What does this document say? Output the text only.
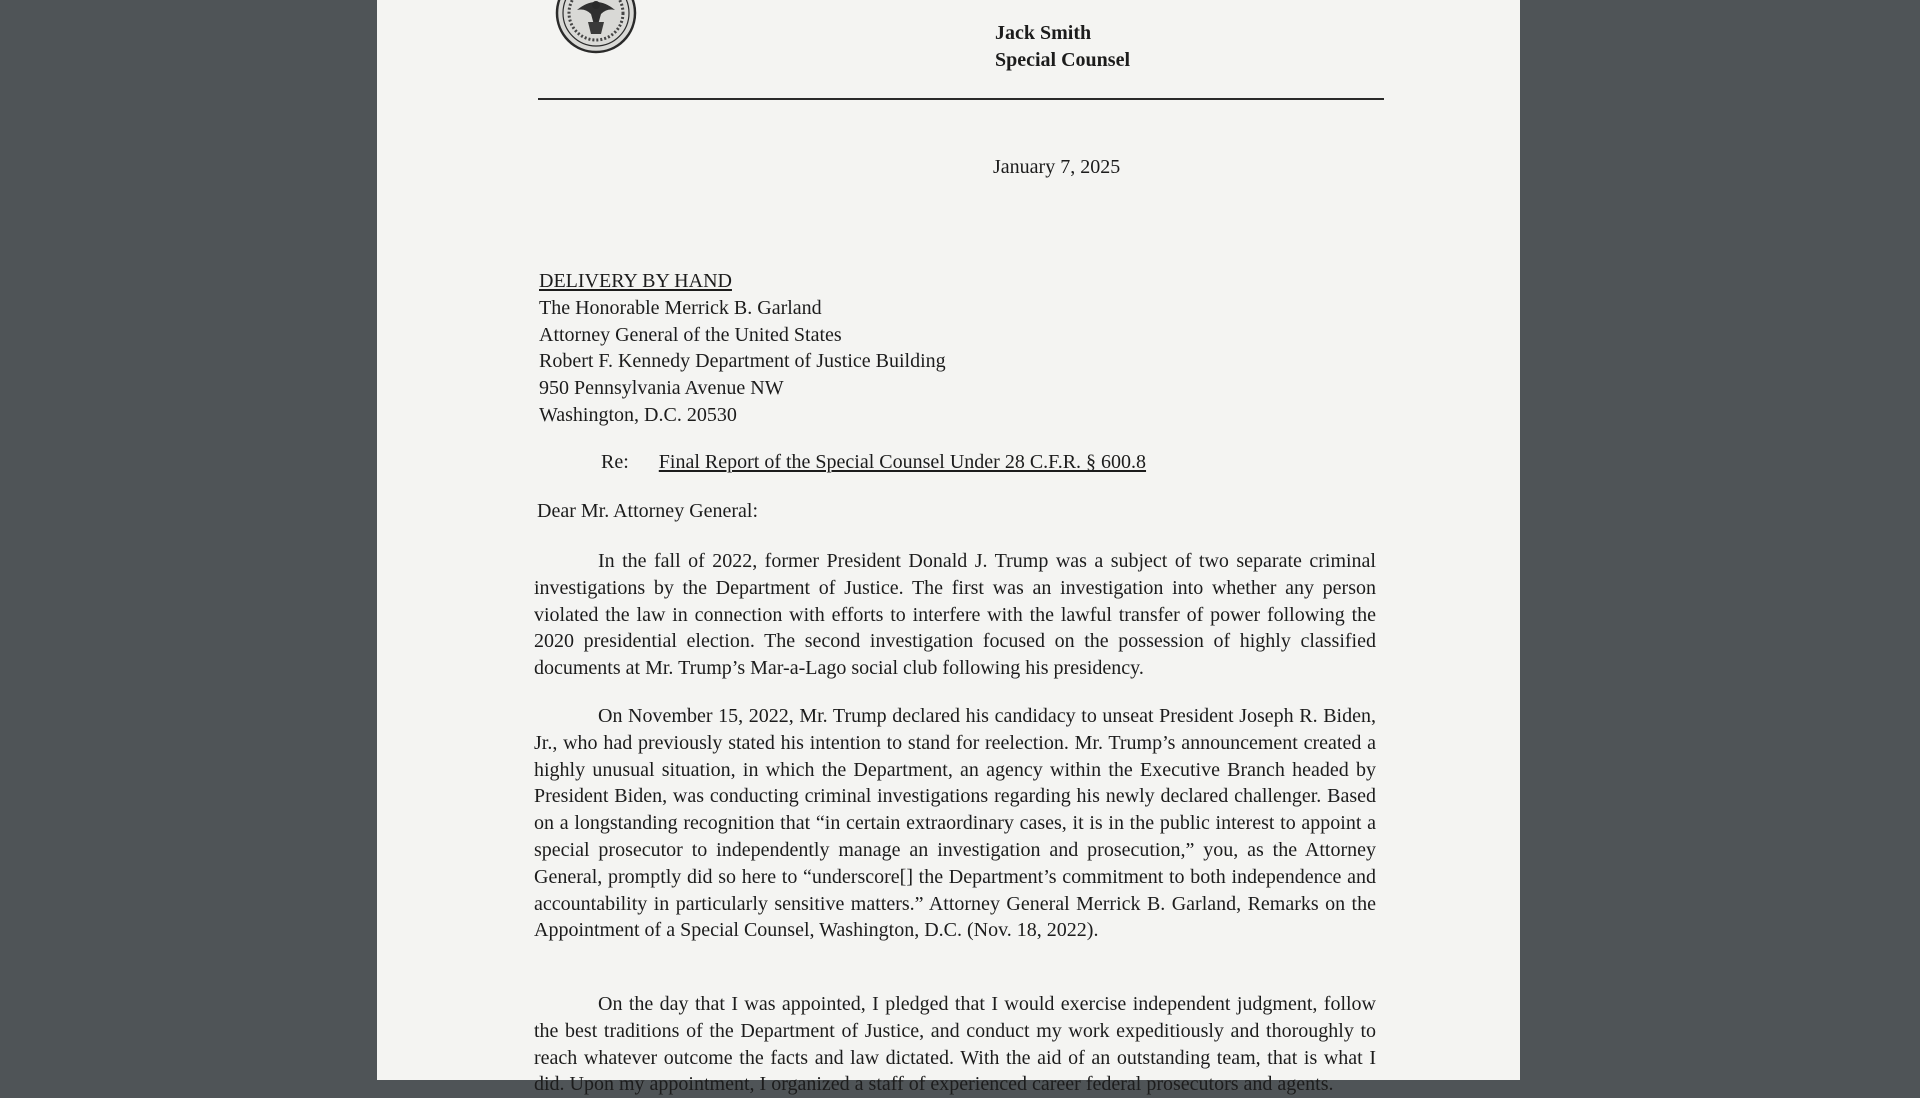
Jack Smith
Special Counsel
January 7, 2025
DELIVERY BY HAND
The Honorable Merrick B. Garland
Attorney General of the United States
Robert F. Kennedy Department of Justice Building
950 Pennsylvania Avenue NW
Washington, D.C. 20530
Re: Final Report of the Special Counsel Under 28 C.F.R. § 600.8
Dear Mr. Attorney General:

In the fall of 2022, former President Donald J. Trump was a subject of two separate criminal investigations by the Department of Justice. The first was an investigation into whether any person violated the law in connection with efforts to interfere with the lawful transfer of power following the 2020 presidential election. The second investigation focused on the possession of highly classified documents at Mr. Trump’s Mar-a-Lago social club following his presidency.

On November 15, 2022, Mr. Trump declared his candidacy to unseat President Joseph R. Biden, Jr., who had previously stated his intention to stand for reelection. Mr. Trump’s announcement created a highly unusual situation, in which the Department, an agency within the Executive Branch headed by President Biden, was conducting criminal investigations regarding his newly declared challenger. Based on a longstanding recognition that “in certain extraordinary cases, it is in the public interest to appoint a special prosecutor to independently manage an investigation and prosecution,” you, as the Attorney General, promptly did so here to “underscore[] the Department’s commitment to both independence and accountability in particularly sensitive matters.” Attorney General Merrick B. Garland, Remarks on the Appointment of a Special Counsel, Washington, D.C. (Nov. 18, 2022).

On the day that I was appointed, I pledged that I would exercise independent judgment, follow the best traditions of the Department of Justice, and conduct my work expeditiously and thoroughly to reach whatever outcome the facts and law dictated. With the aid of an outstanding team, that is what I did. Upon my appointment, I organized a staff of experienced career federal prosecutors and agents.
